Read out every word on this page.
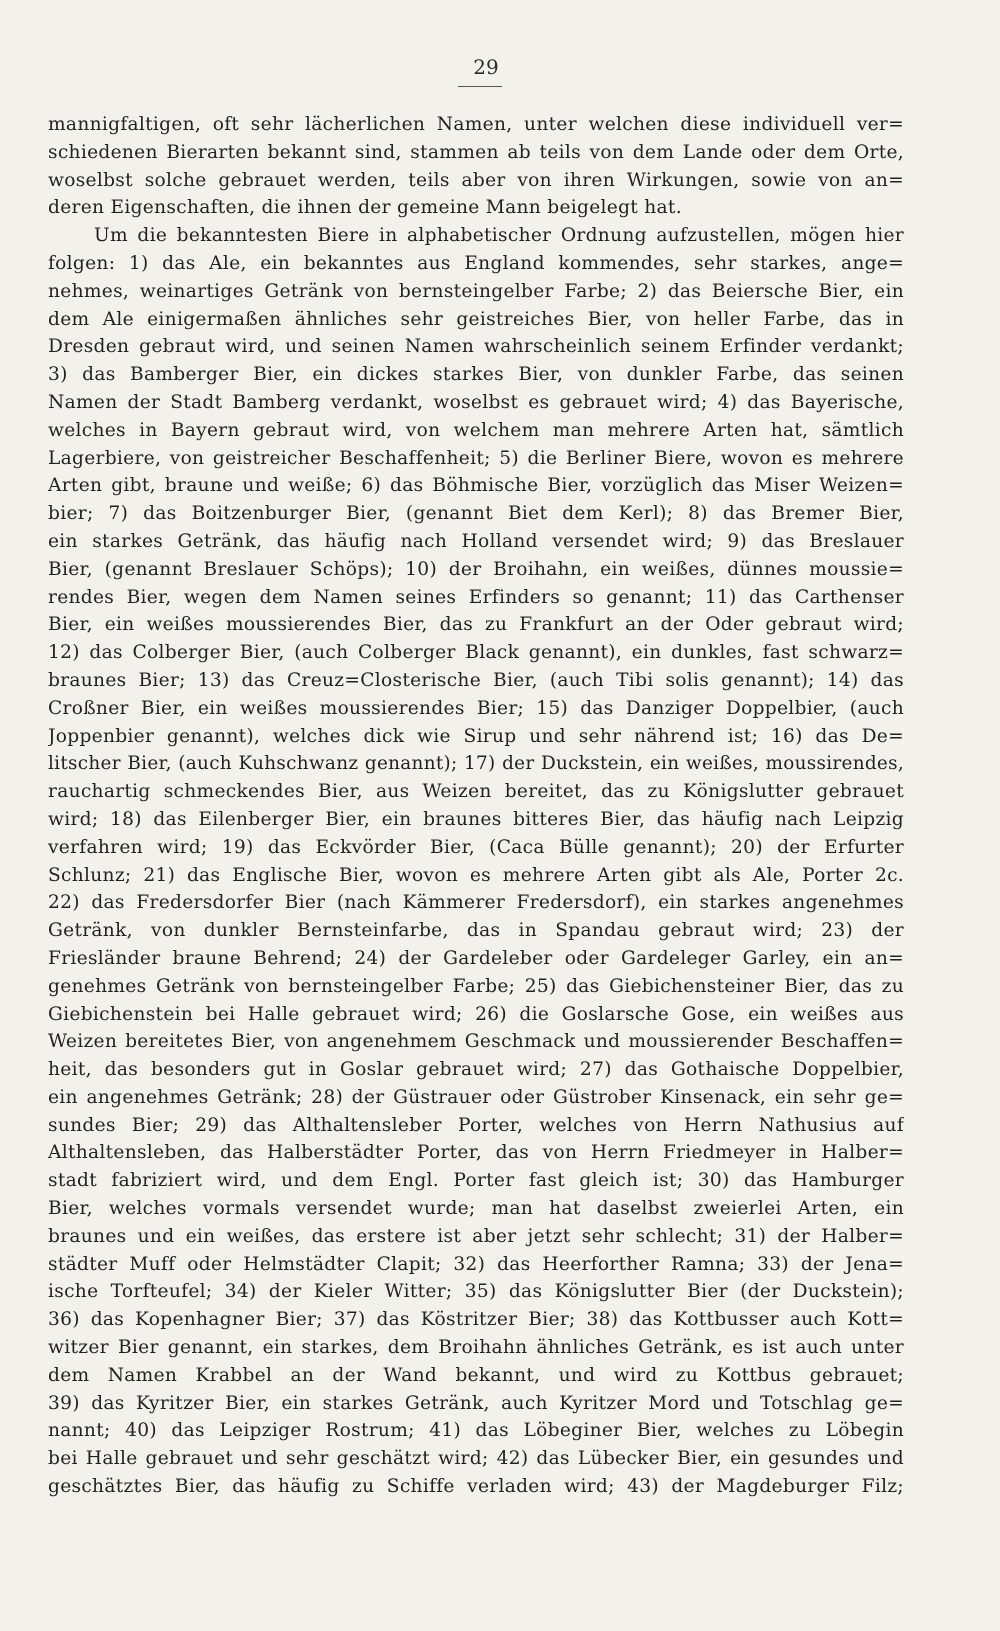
29
mannigfaltigen, oft sehr lächerlichen Namen, unter welchen diese individuell ver=
schiedenen Bierarten bekannt sind, stammen ab teils von dem Lande oder dem Orte,
woselbst solche gebrauet werden, teils aber von ihren Wirkungen, sowie von an=
deren Eigenschaften, die ihnen der gemeine Mann beigelegt hat.
Um die bekanntesten Biere in alphabetischer Ordnung aufzustellen, mögen hier
folgen: 1) das Ale, ein bekanntes aus England kommendes, sehr starkes, ange=
nehmes, weinartiges Getränk von bernsteingelber Farbe; 2) das Beiersche Bier, ein
dem Ale einigermaßen ähnliches sehr geistreiches Bier, von heller Farbe, das in
Dresden gebraut wird, und seinen Namen wahrscheinlich seinem Erfinder verdankt;
3) das Bamberger Bier, ein dickes starkes Bier, von dunkler Farbe, das seinen
Namen der Stadt Bamberg verdankt, woselbst es gebrauet wird; 4) das Bayerische,
welches in Bayern gebraut wird, von welchem man mehrere Arten hat, sämtlich
Lagerbiere, von geistreicher Beschaffenheit; 5) die Berliner Biere, wovon es mehrere
Arten gibt, braune und weiße; 6) das Böhmische Bier, vorzüglich das Miser Weizen=
bier; 7) das Boitzenburger Bier, (genannt Biet dem Kerl); 8) das Bremer Bier,
ein starkes Getränk, das häufig nach Holland versendet wird; 9) das Breslauer
Bier, (genannt Breslauer Schöps); 10) der Broihahn, ein weißes, dünnes moussie=
rendes Bier, wegen dem Namen seines Erfinders so genannt; 11) das Carthenser
Bier, ein weißes moussierendes Bier, das zu Frankfurt an der Oder gebraut wird;
12) das Colberger Bier, (auch Colberger Black genannt), ein dunkles, fast schwarz=
braunes Bier; 13) das Creuz=Closterische Bier, (auch Tibi solis genannt); 14) das
Croßner Bier, ein weißes moussierendes Bier; 15) das Danziger Doppelbier, (auch
Joppenbier genannt), welches dick wie Sirup und sehr nährend ist; 16) das De=
litscher Bier, (auch Kuhschwanz genannt); 17) der Duckstein, ein weißes, moussirendes,
rauchartig schmeckendes Bier, aus Weizen bereitet, das zu Königslutter gebrauet
wird; 18) das Eilenberger Bier, ein braunes bitteres Bier, das häufig nach Leipzig
verfahren wird; 19) das Eckvörder Bier, (Caca Bülle genannt); 20) der Erfurter
Schlunz; 21) das Englische Bier, wovon es mehrere Arten gibt als Ale, Porter 2c.
22) das Fredersdorfer Bier (nach Kämmerer Fredersdorf), ein starkes angenehmes
Getränk, von dunkler Bernsteinfarbe, das in Spandau gebraut wird; 23) der
Friesländer braune Behrend; 24) der Gardeleber oder Gardeleger Garley, ein an=
genehmes Getränk von bernsteingelber Farbe; 25) das Giebichensteiner Bier, das zu
Giebichenstein bei Halle gebrauet wird; 26) die Goslarsche Gose, ein weißes aus
Weizen bereitetes Bier, von angenehmem Geschmack und moussierender Beschaffen=
heit, das besonders gut in Goslar gebrauet wird; 27) das Gothaische Doppelbier,
ein angenehmes Getränk; 28) der Güstrauer oder Güstrober Kinsenack, ein sehr ge=
sundes Bier; 29) das Althaltensleber Porter, welches von Herrn Nathusius auf
Althaltensleben, das Halberstädter Porter, das von Herrn Friedmeyer in Halber=
stadt fabriziert wird, und dem Engl. Porter fast gleich ist; 30) das Hamburger
Bier, welches vormals versendet wurde; man hat daselbst zweierlei Arten, ein
braunes und ein weißes, das erstere ist aber jetzt sehr schlecht; 31) der Halber=
städter Muff oder Helmstädter Clapit; 32) das Heerforther Ramna; 33) der Jena=
ische Torfteufel; 34) der Kieler Witter; 35) das Königslutter Bier (der Duckstein);
36) das Kopenhagner Bier; 37) das Köstritzer Bier; 38) das Kottbusser auch Kott=
witzer Bier genannt, ein starkes, dem Broihahn ähnliches Getränk, es ist auch unter
dem Namen Krabbel an der Wand bekannt, und wird zu Kottbus gebrauet;
39) das Kyritzer Bier, ein starkes Getränk, auch Kyritzer Mord und Totschlag ge=
nannt; 40) das Leipziger Rostrum; 41) das Löbeginer Bier, welches zu Löbegin
bei Halle gebrauet und sehr geschätzt wird; 42) das Lübecker Bier, ein gesundes und
geschätztes Bier, das häufig zu Schiffe verladen wird; 43) der Magdeburger Filz;
